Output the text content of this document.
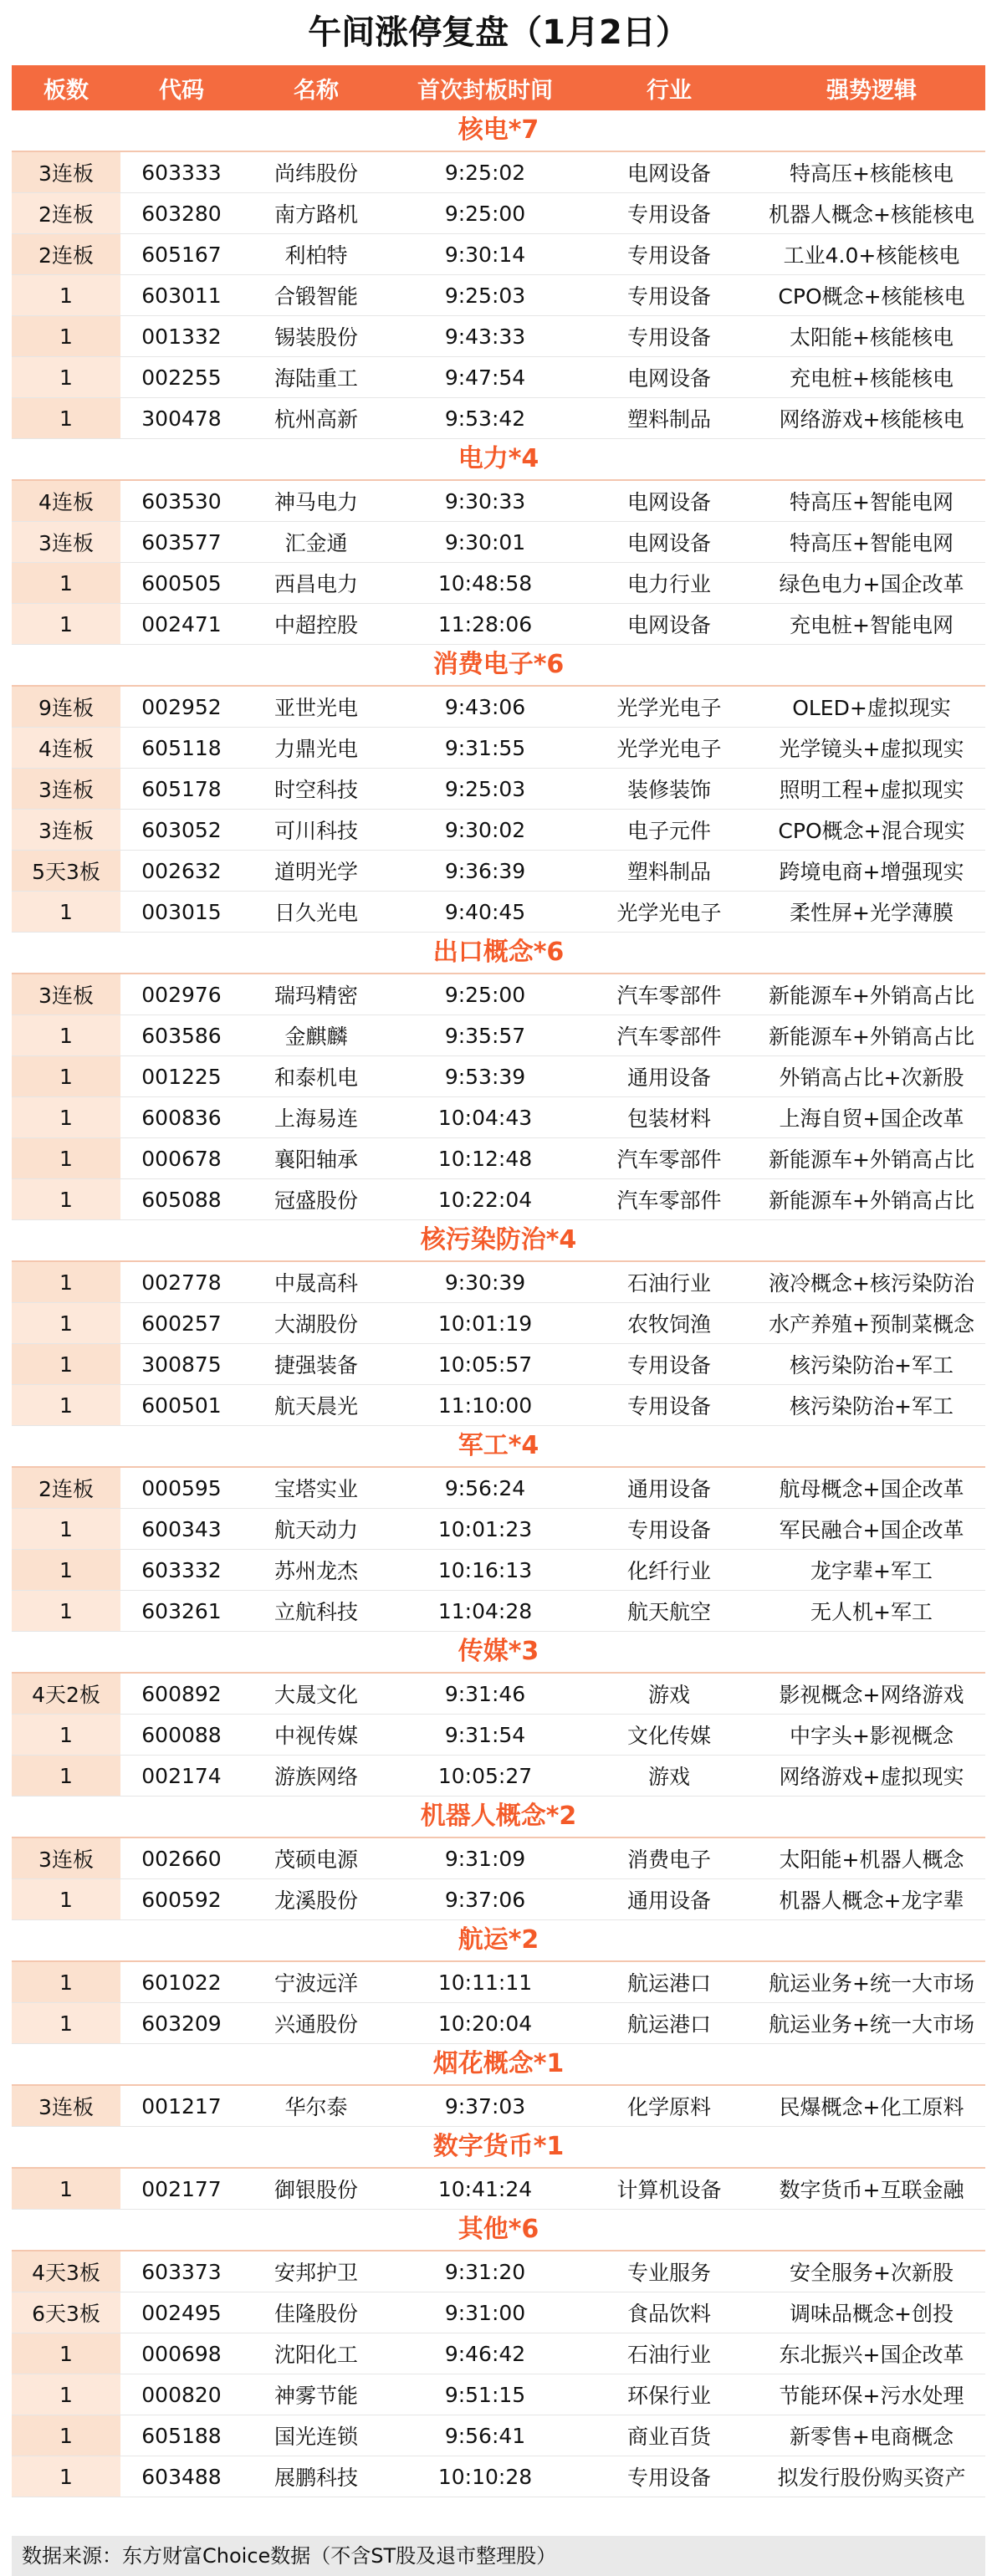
午间涨停复盘（1月2日）
板数	代码	名称	首次封板时间	行业	强势逻辑
核电*7
3连板	603333	尚纬股份	9:25:02	电网设备	特高压+核能核电
2连板	603280	南方路机	9:25:00	专用设备	机器人概念+核能核电
2连板	605167	利柏特	9:30:14	专用设备	工业4.0+核能核电
1	603011	合锻智能	9:25:03	专用设备	CPO概念+核能核电
1	001332	锡装股份	9:43:33	专用设备	太阳能+核能核电
1	002255	海陆重工	9:47:54	电网设备	充电桩+核能核电
1	300478	杭州高新	9:53:42	塑料制品	网络游戏+核能核电
电力*4
4连板	603530	神马电力	9:30:33	电网设备	特高压+智能电网
3连板	603577	汇金通	9:30:01	电网设备	特高压+智能电网
1	600505	西昌电力	10:48:58	电力行业	绿色电力+国企改革
1	002471	中超控股	11:28:06	电网设备	充电桩+智能电网
消费电子*6
9连板	002952	亚世光电	9:43:06	光学光电子	OLED+虚拟现实
4连板	605118	力鼎光电	9:31:55	光学光电子	光学镜头+虚拟现实
3连板	605178	时空科技	9:25:03	装修装饰	照明工程+虚拟现实
3连板	603052	可川科技	9:30:02	电子元件	CPO概念+混合现实
5天3板	002632	道明光学	9:36:39	塑料制品	跨境电商+增强现实
1	003015	日久光电	9:40:45	光学光电子	柔性屏+光学薄膜
出口概念*6
3连板	002976	瑞玛精密	9:25:00	汽车零部件	新能源车+外销高占比
1	603586	金麒麟	9:35:57	汽车零部件	新能源车+外销高占比
1	001225	和泰机电	9:53:39	通用设备	外销高占比+次新股
1	600836	上海易连	10:04:43	包装材料	上海自贸+国企改革
1	000678	襄阳轴承	10:12:48	汽车零部件	新能源车+外销高占比
1	605088	冠盛股份	10:22:04	汽车零部件	新能源车+外销高占比
核污染防治*4
1	002778	中晟高科	9:30:39	石油行业	液冷概念+核污染防治
1	600257	大湖股份	10:01:19	农牧饲渔	水产养殖+预制菜概念
1	300875	捷强装备	10:05:57	专用设备	核污染防治+军工
1	600501	航天晨光	11:10:00	专用设备	核污染防治+军工
军工*4
2连板	000595	宝塔实业	9:56:24	通用设备	航母概念+国企改革
1	600343	航天动力	10:01:23	专用设备	军民融合+国企改革
1	603332	苏州龙杰	10:16:13	化纤行业	龙字辈+军工
1	603261	立航科技	11:04:28	航天航空	无人机+军工
传媒*3
4天2板	600892	大晟文化	9:31:46	游戏	影视概念+网络游戏
1	600088	中视传媒	9:31:54	文化传媒	中字头+影视概念
1	002174	游族网络	10:05:27	游戏	网络游戏+虚拟现实
机器人概念*2
3连板	002660	茂硕电源	9:31:09	消费电子	太阳能+机器人概念
1	600592	龙溪股份	9:37:06	通用设备	机器人概念+龙字辈
航运*2
1	601022	宁波远洋	10:11:11	航运港口	航运业务+统一大市场
1	603209	兴通股份	10:20:04	航运港口	航运业务+统一大市场
烟花概念*1
3连板	001217	华尔泰	9:37:03	化学原料	民爆概念+化工原料
数字货币*1
1	002177	御银股份	10:41:24	计算机设备	数字货币+互联金融
其他*6
4天3板	603373	安邦护卫	9:31:20	专业服务	安全服务+次新股
6天3板	002495	佳隆股份	9:31:00	食品饮料	调味品概念+创投
1	000698	沈阳化工	9:46:42	石油行业	东北振兴+国企改革
1	000820	神雾节能	9:51:15	环保行业	节能环保+污水处理
1	605188	国光连锁	9:56:41	商业百货	新零售+电商概念
1	603488	展鹏科技	10:10:28	专用设备	拟发行股份购买资产
数据来源：东方财富Choice数据（不含ST股及退市整理股）
